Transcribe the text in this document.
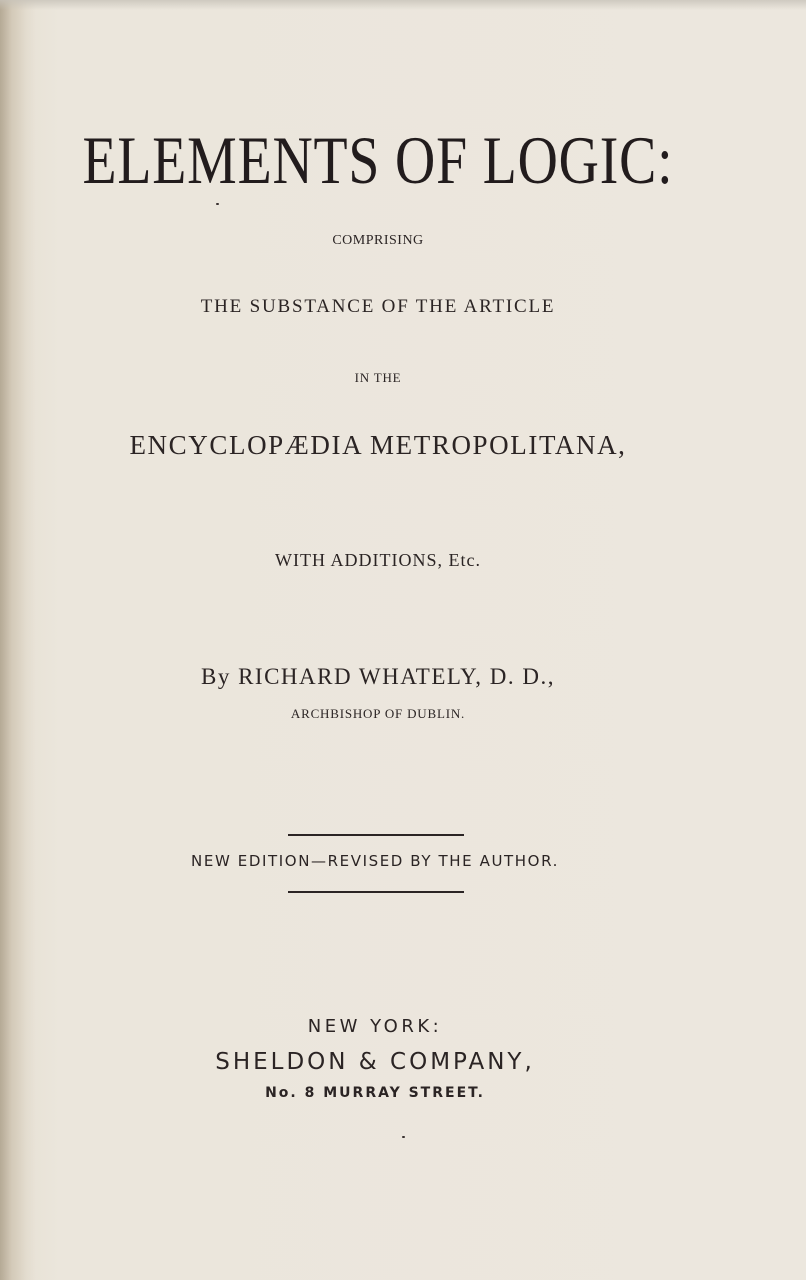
ELEMENTS OF LOGIC:
COMPRISING
THE SUBSTANCE OF THE ARTICLE
IN THE
ENCYCLOPÆDIA METROPOLITANA,
WITH ADDITIONS, Etc.
By RICHARD WHATELY, D. D.,
ARCHBISHOP OF DUBLIN.
NEW EDITION—REVISED BY THE AUTHOR.
NEW YORK:
SHELDON & COMPANY,
No. 8 MURRAY STREET.
